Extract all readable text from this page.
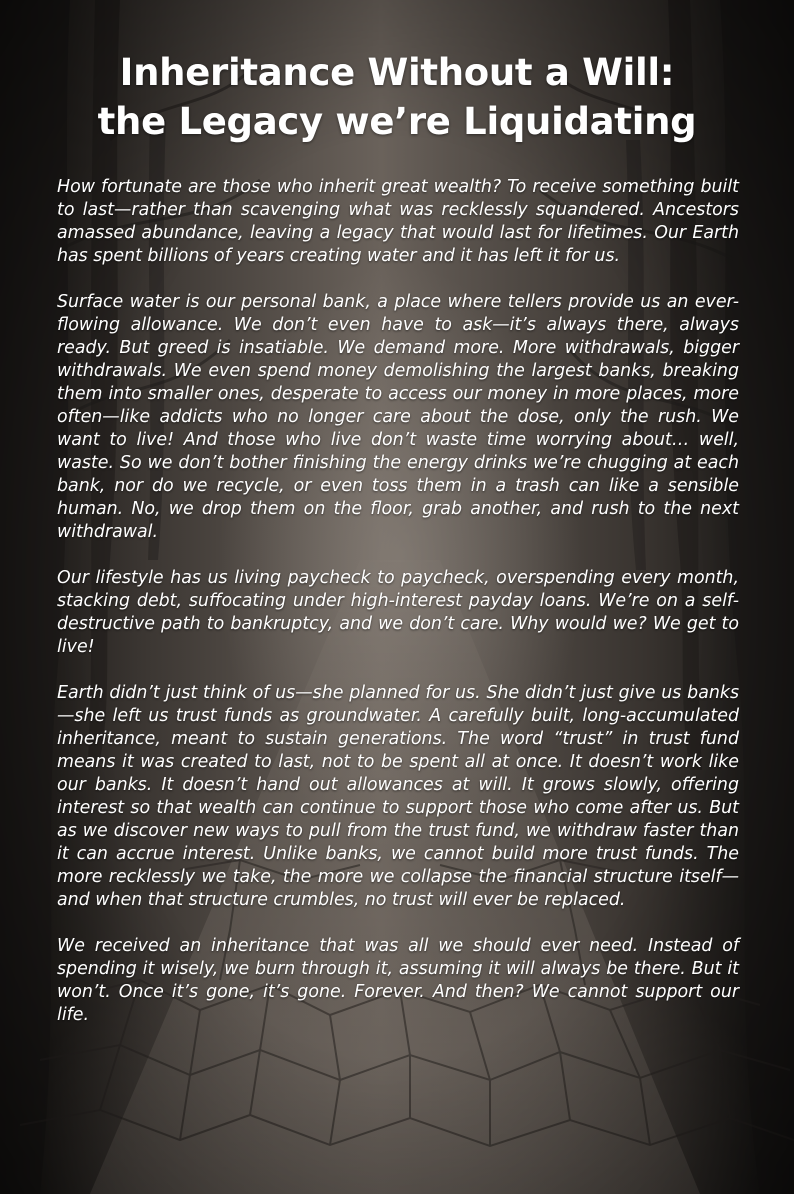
Inheritance Without a Will:
the Legacy we’re Liquidating

How fortunate are those who inherit great wealth? To receive something built to last—rather than scavenging what was recklessly squandered. Ancestors amassed abundance, leaving a legacy that would last for lifetimes. Our Earth has spent billions of years creating water and it has left it for us.

Surface water is our personal bank, a place where tellers provide us an ever-flowing allowance. We don’t even have to ask—it’s always there, always ready. But greed is insatiable. We demand more. More withdrawals, bigger withdrawals. We even spend money demolishing the largest banks, breaking them into smaller ones, desperate to access our money in more places, more often—like addicts who no longer care about the dose, only the rush. We want to live! And those who live don’t waste time worrying about… well, waste. So we don’t bother finishing the energy drinks we’re chugging at each bank, nor do we recycle, or even toss them in a trash can like a sensible human. No, we drop them on the floor, grab another, and rush to the next withdrawal.

Our lifestyle has us living paycheck to paycheck, overspending every month, stacking debt, suffocating under high-interest payday loans. We’re on a self-destructive path to bankruptcy, and we don’t care. Why would we? We get to live!

Earth didn’t just think of us—she planned for us. She didn’t just give us banks—she left us trust funds as groundwater. A carefully built, long-accumulated inheritance, meant to sustain generations. The word “trust” in trust fund means it was created to last, not to be spent all at once. It doesn’t work like our banks. It doesn’t hand out allowances at will. It grows slowly, offering interest so that wealth can continue to support those who come after us. But as we discover new ways to pull from the trust fund, we withdraw faster than it can accrue interest. Unlike banks, we cannot build more trust funds. The more recklessly we take, the more we collapse the financial structure itself—and when that structure crumbles, no trust will ever be replaced.

We received an inheritance that was all we should ever need. Instead of spending it wisely, we burn through it, assuming it will always be there. But it won’t. Once it’s gone, it’s gone. Forever. And then? We cannot support our life.
